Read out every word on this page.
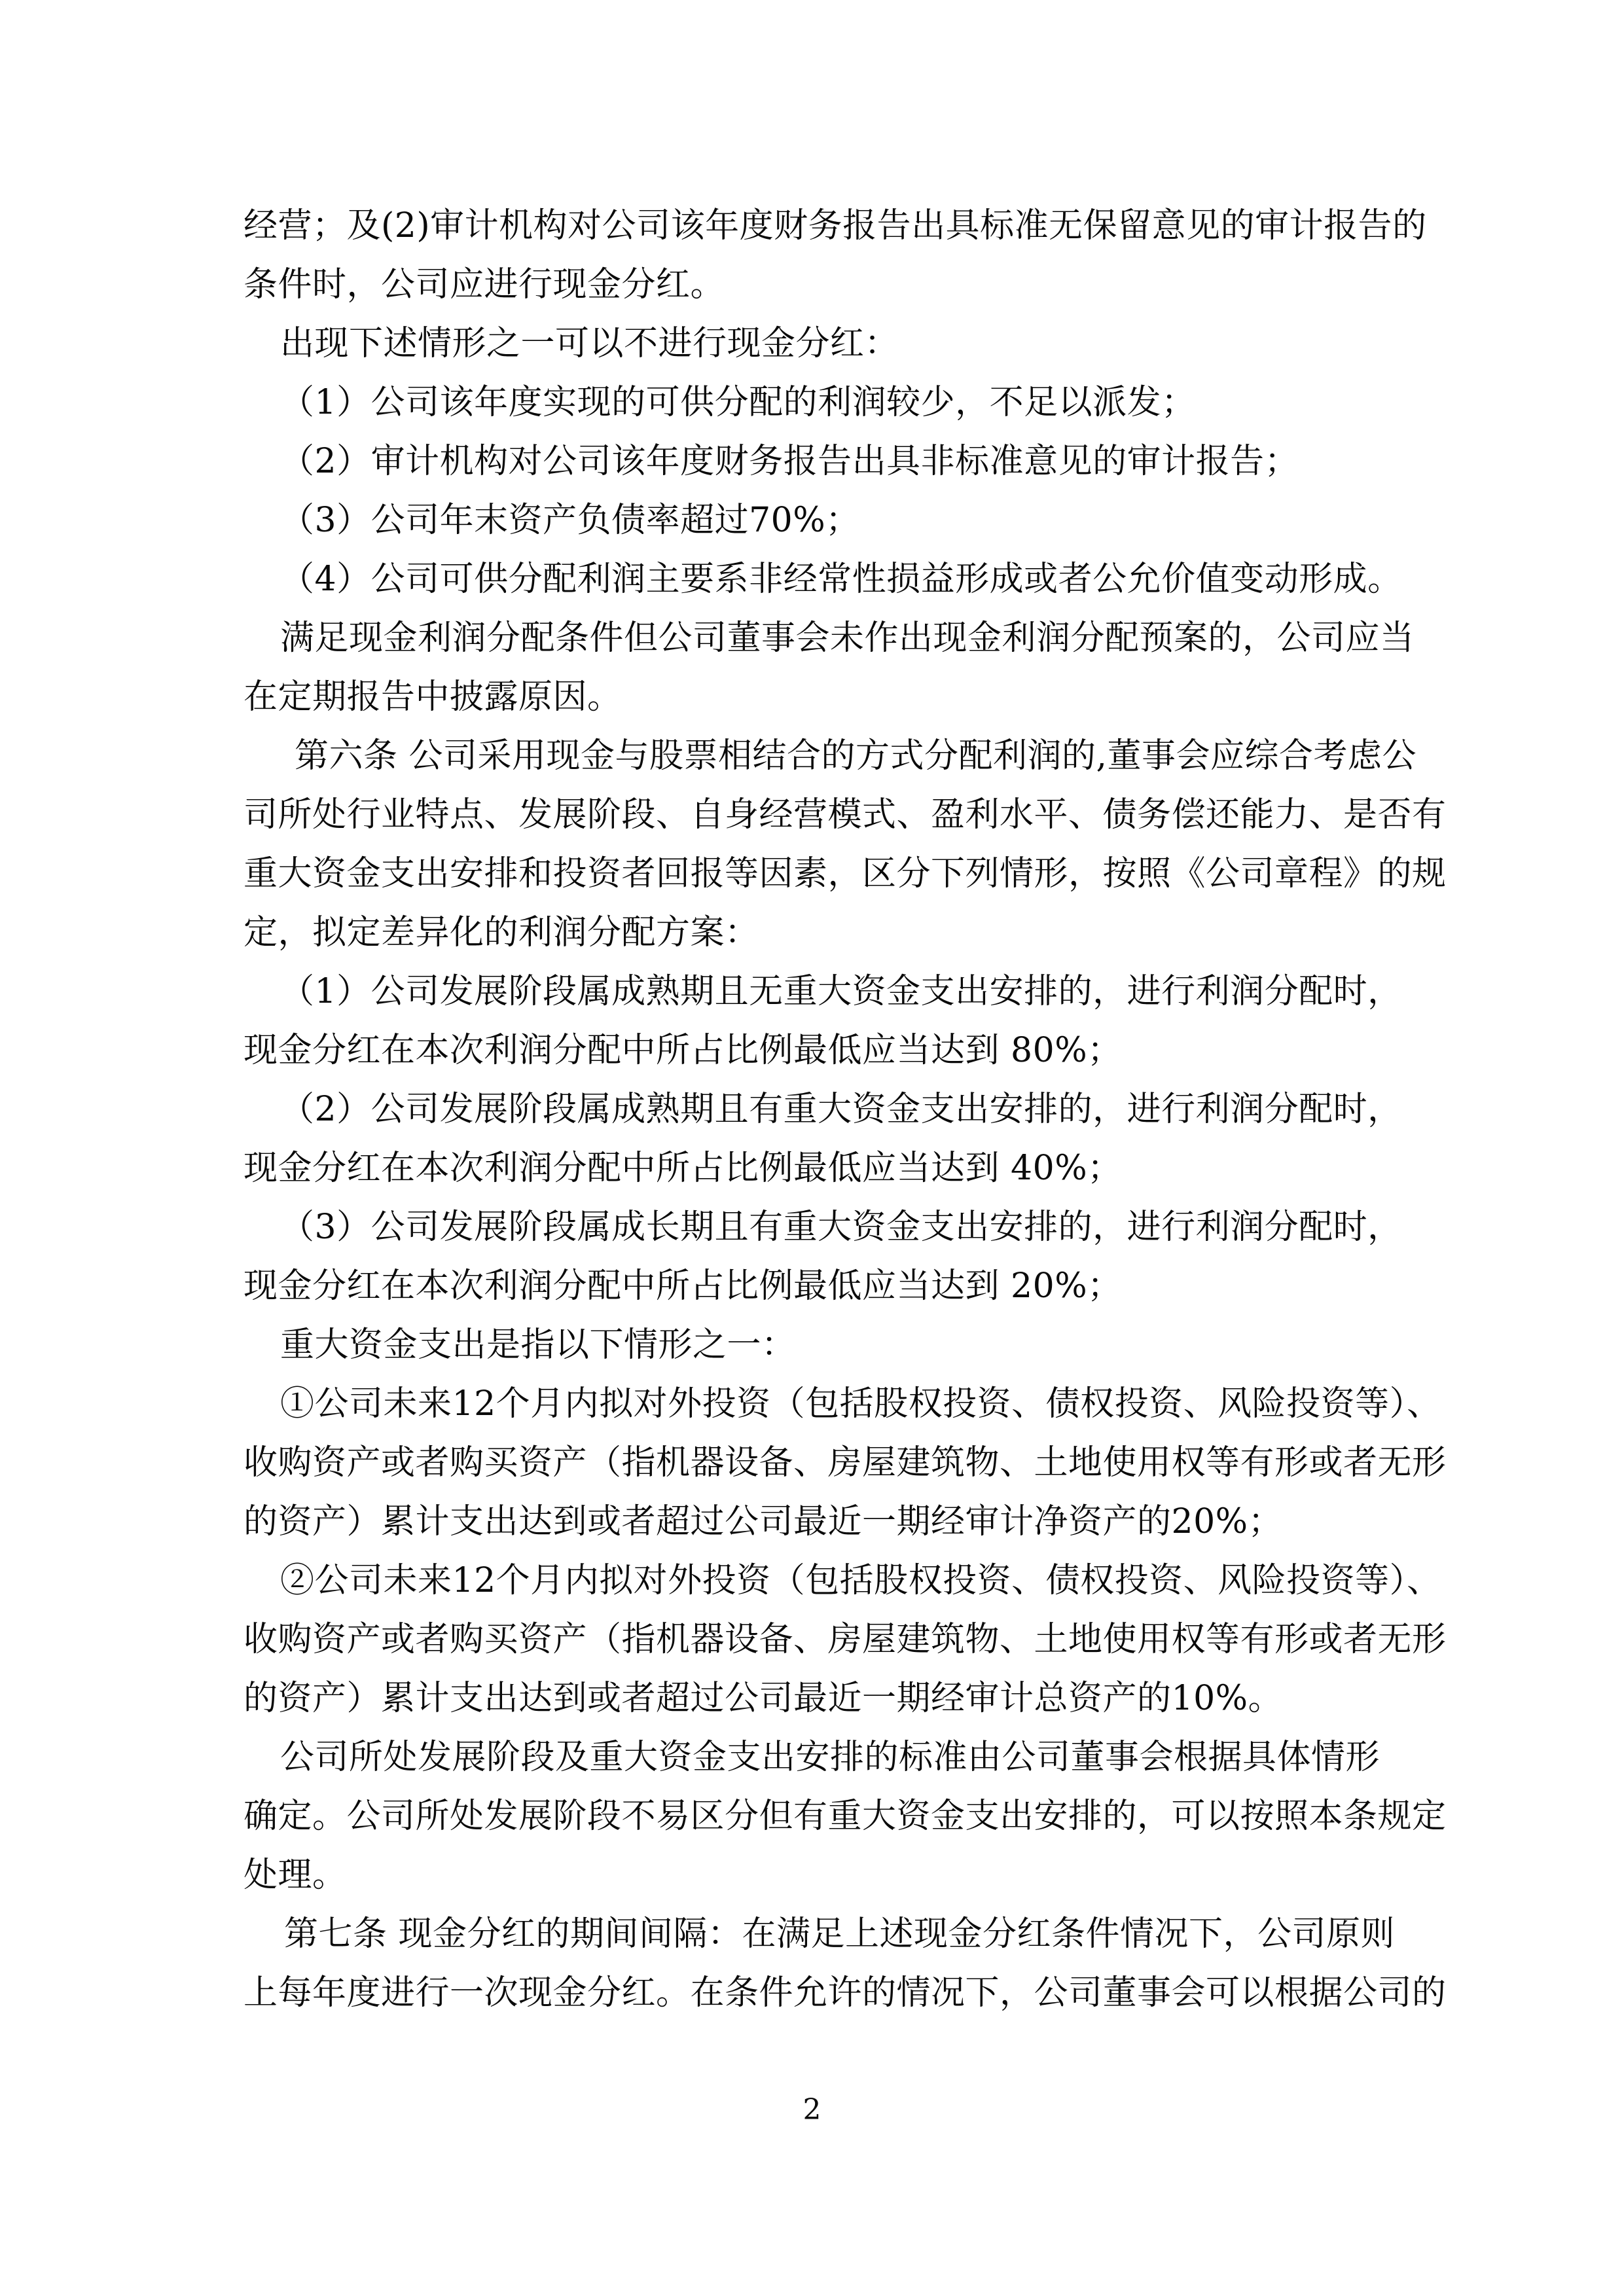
经营；及(2)审计机构对公司该年度财务报告出具标准无保留意见的审计报告的
条件时，公司应进行现金分红。
出现下述情形之一可以不进行现金分红：
（1）公司该年度实现的可供分配的利润较少，不足以派发；
（2）审计机构对公司该年度财务报告出具非标准意见的审计报告；
（3）公司年末资产负债率超过70%；
（4）公司可供分配利润主要系非经常性损益形成或者公允价值变动形成。
满足现金利润分配条件但公司董事会未作出现金利润分配预案的，公司应当
在定期报告中披露原因。
第六条 公司采用现金与股票相结合的方式分配利润的,董事会应综合考虑公
司所处行业特点、发展阶段、自身经营模式、盈利水平、债务偿还能力、是否有
重大资金支出安排和投资者回报等因素，区分下列情形，按照《公司章程》的规
定，拟定差异化的利润分配方案：
（1）公司发展阶段属成熟期且无重大资金支出安排的，进行利润分配时，
现金分红在本次利润分配中所占比例最低应当达到 80%；
（2）公司发展阶段属成熟期且有重大资金支出安排的，进行利润分配时，
现金分红在本次利润分配中所占比例最低应当达到 40%；
（3）公司发展阶段属成长期且有重大资金支出安排的，进行利润分配时，
现金分红在本次利润分配中所占比例最低应当达到 20%；
重大资金支出是指以下情形之一：
①公司未来12个月内拟对外投资（包括股权投资、债权投资、风险投资等）、
收购资产或者购买资产（指机器设备、房屋建筑物、土地使用权等有形或者无形
的资产）累计支出达到或者超过公司最近一期经审计净资产的20%；
②公司未来12个月内拟对外投资（包括股权投资、债权投资、风险投资等）、
收购资产或者购买资产（指机器设备、房屋建筑物、土地使用权等有形或者无形
的资产）累计支出达到或者超过公司最近一期经审计总资产的10%。
公司所处发展阶段及重大资金支出安排的标准由公司董事会根据具体情形
确定。公司所处发展阶段不易区分但有重大资金支出安排的，可以按照本条规定
处理。
第七条 现金分红的期间间隔：在满足上述现金分红条件情况下，公司原则
上每年度进行一次现金分红。在条件允许的情况下，公司董事会可以根据公司的
2
